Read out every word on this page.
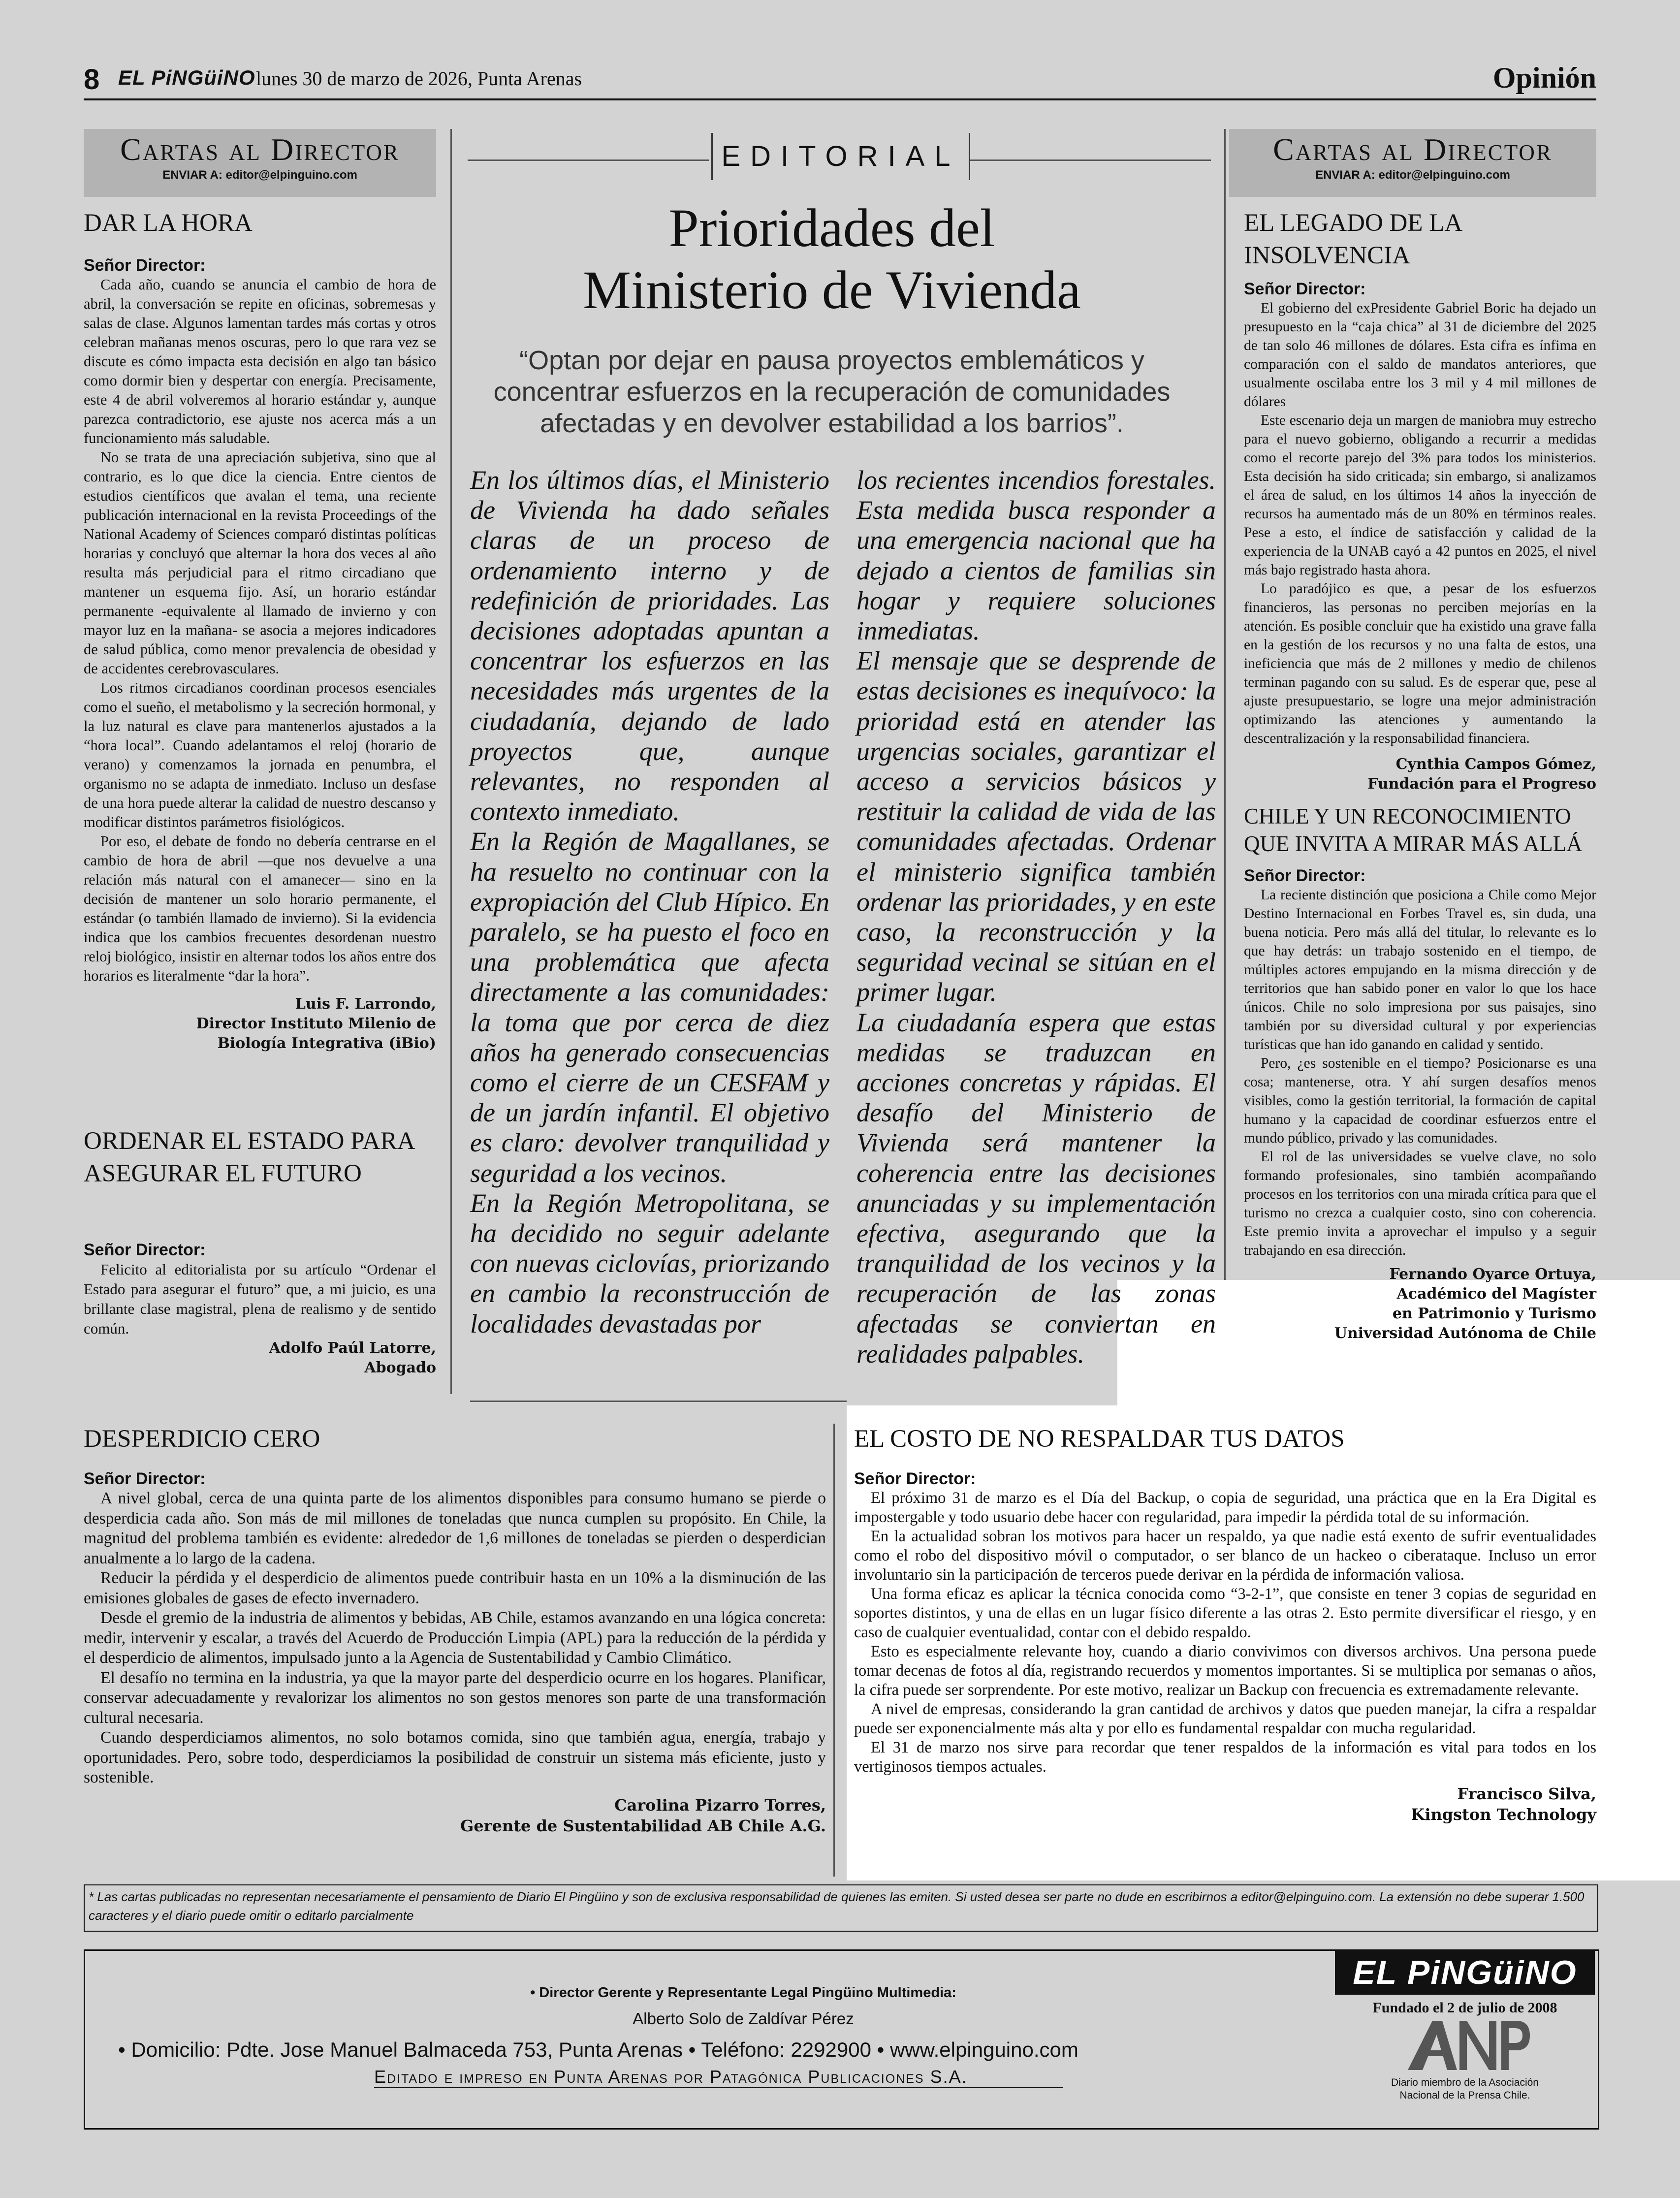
8 EL PiNGüiNO lunes 30 de marzo de 2026, Punta Arenas	Opinión
Cartas al Director
ENVIAR A: editor@elpinguino.com
DAR LA HORA
Señor Director:

Cada año, cuando se anuncia el cambio de hora de abril, la conversación se repite en oficinas, sobremesas y salas de clase. Algunos lamentan tardes más cortas y otros celebran mañanas menos oscuras, pero lo que rara vez se discute es cómo impacta esta decisión en algo tan básico como dormir bien y despertar con energía. Precisamente, este 4 de abril volveremos al horario estándar y, aunque parezca contradictorio, ese ajuste nos acerca más a un funcionamiento más saludable.

No se trata de una apreciación subjetiva, sino que al contrario, es lo que dice la ciencia. Entre cientos de estudios científicos que avalan el tema, una reciente publicación internacional en la revista Proceedings of the National Academy of Sciences comparó distintas políticas horarias y concluyó que alternar la hora dos veces al año resulta más perjudicial para el ritmo circadiano que mantener un esquema fijo. Así, un horario estándar permanente -equivalente al llamado de invierno y con mayor luz en la mañana- se asocia a mejores indicadores de salud pública, como menor prevalencia de obesidad y de accidentes cerebrovasculares.

Los ritmos circadianos coordinan procesos esenciales como el sueño, el metabolismo y la secreción hormonal, y la luz natural es clave para mantenerlos ajustados a la “hora local”. Cuando adelantamos el reloj (horario de verano) y comenzamos la jornada en penumbra, el organismo no se adapta de inmediato. Incluso un desfase de una hora puede alterar la calidad de nuestro descanso y modificar distintos parámetros fisiológicos.

Por eso, el debate de fondo no debería centrarse en el cambio de hora de abril —que nos devuelve a una relación más natural con el amanecer— sino en la decisión de mantener un solo horario permanente, el estándar (o también llamado de invierno). Si la evidencia indica que los cambios frecuentes desordenan nuestro reloj biológico, insistir en alternar todos los años entre dos horarios es literalmente “dar la hora”.

Luis F. Larrondo,
Director Instituto Milenio de
Biología Integrativa (iBio)
ORDENAR EL ESTADO PARA ASEGURAR EL FUTURO
Señor Director:

Felicito al editorialista por su artículo “Ordenar el Estado para asegurar el futuro” que, a mi juicio, es una brillante clase magistral, plena de realismo y de sentido común.

Adolfo Paúl Latorre,
Abogado
EDITORIAL
Prioridades del
Ministerio de Vivienda
“Optan por dejar en pausa proyectos emblemáticos y concentrar esfuerzos en la recuperación de comunidades afectadas y en devolver estabilidad a los barrios”.

En los últimos días, el Ministerio de Vivienda ha dado señales claras de un proceso de ordenamiento interno y de redefinición de prioridades. Las decisiones adoptadas apuntan a concentrar los esfuerzos en las necesidades más urgentes de la ciudadanía, dejando de lado proyectos que, aunque relevantes, no responden al contexto inmediato.

En la Región de Magallanes, se ha resuelto no continuar con la expropiación del Club Hípico. En paralelo, se ha puesto el foco en una problemática que afecta directamente a las comunidades: la toma que por cerca de diez años ha generado consecuencias como el cierre de un CESFAM y de un jardín infantil. El objetivo es claro: devolver tranquilidad y seguridad a los vecinos.

En la Región Metropolitana, se ha decidido no seguir adelante con nuevas ciclovías, priorizando en cambio la reconstrucción de localidades devastadas por

los recientes incendios forestales. Esta medida busca responder a una emergencia nacional que ha dejado a cientos de familias sin hogar y requiere soluciones inmediatas.

El mensaje que se desprende de estas decisiones es inequívoco: la prioridad está en atender las urgencias sociales, garantizar el acceso a servicios básicos y restituir la calidad de vida de las comunidades afectadas. Ordenar el ministerio significa también ordenar las prioridades, y en este caso, la reconstrucción y la seguridad vecinal se sitúan en el primer lugar.

La ciudadanía espera que estas medidas se traduzcan en acciones concretas y rápidas. El desafío del Ministerio de Vivienda será mantener la coherencia entre las decisiones anunciadas y su implementación efectiva, asegurando que la tranquilidad de los vecinos y la recuperación de las zonas afectadas se conviertan en realidades palpables.

Cartas al Director
ENVIAR A: editor@elpinguino.com
EL LEGADO DE LA INSOLVENCIA
Señor Director:

El gobierno del exPresidente Gabriel Boric ha dejado un presupuesto en la “caja chica” al 31 de diciembre del 2025 de tan solo 46 millones de dólares. Esta cifra es ínfima en comparación con el saldo de mandatos anteriores, que usualmente oscilaba entre los 3 mil y 4 mil millones de dólares

Este escenario deja un margen de maniobra muy estrecho para el nuevo gobierno, obligando a recurrir a medidas como el recorte parejo del 3% para todos los ministerios. Esta decisión ha sido criticada; sin embargo, si analizamos el área de salud, en los últimos 14 años la inyección de recursos ha aumentado más de un 80% en términos reales. Pese a esto, el índice de satisfacción y calidad de la experiencia de la UNAB cayó a 42 puntos en 2025, el nivel más bajo registrado hasta ahora.

Lo paradójico es que, a pesar de los esfuerzos financieros, las personas no perciben mejorías en la atención. Es posible concluir que ha existido una grave falla en la gestión de los recursos y no una falta de estos, una ineficiencia que más de 2 millones y medio de chilenos terminan pagando con su salud. Es de esperar que, pese al ajuste presupuestario, se logre una mejor administración optimizando las atenciones y aumentando la descentralización y la responsabilidad financiera.

Cynthia Campos Gómez,
Fundación para el Progreso
CHILE Y UN RECONOCIMIENTO QUE INVITA A MIRAR MÁS ALLÁ
Señor Director:

La reciente distinción que posiciona a Chile como Mejor Destino Internacional en Forbes Travel es, sin duda, una buena noticia. Pero más allá del titular, lo relevante es lo que hay detrás: un trabajo sostenido en el tiempo, de múltiples actores empujando en la misma dirección y de territorios que han sabido poner en valor lo que los hace únicos. Chile no solo impresiona por sus paisajes, sino también por su diversidad cultural y por experiencias turísticas que han ido ganando en calidad y sentido.

Pero, ¿es sostenible en el tiempo? Posicionarse es una cosa; mantenerse, otra. Y ahí surgen desafíos menos visibles, como la gestión territorial, la formación de capital humano y la capacidad de coordinar esfuerzos entre el mundo público, privado y las comunidades.

El rol de las universidades se vuelve clave, no solo formando profesionales, sino también acompañando procesos en los territorios con una mirada crítica para que el turismo no crezca a cualquier costo, sino con coherencia. Este premio invita a aprovechar el impulso y a seguir trabajando en esa dirección.

Fernando Oyarce Ortuya,
Académico del Magíster
en Patrimonio y Turismo
Universidad Autónoma de Chile
DESPERDICIO CERO
Señor Director:

A nivel global, cerca de una quinta parte de los alimentos disponibles para consumo humano se pierde o desperdicia cada año. Son más de mil millones de toneladas que nunca cumplen su propósito. En Chile, la magnitud del problema también es evidente: alrededor de 1,6 millones de toneladas se pierden o desperdician anualmente a lo largo de la cadena.

Reducir la pérdida y el desperdicio de alimentos puede contribuir hasta en un 10% a la disminución de las emisiones globales de gases de efecto invernadero.

Desde el gremio de la industria de alimentos y bebidas, AB Chile, estamos avanzando en una lógica concreta: medir, intervenir y escalar, a través del Acuerdo de Producción Limpia (APL) para la reducción de la pérdida y el desperdicio de alimentos, impulsado junto a la Agencia de Sustentabilidad y Cambio Climático.

El desafío no termina en la industria, ya que la mayor parte del desperdicio ocurre en los hogares. Planificar, conservar adecuadamente y revalorizar los alimentos no son gestos menores son parte de una transformación cultural necesaria.

Cuando desperdiciamos alimentos, no solo botamos comida, sino que también agua, energía, trabajo y oportunidades. Pero, sobre todo, desperdiciamos la posibilidad de construir un sistema más eficiente, justo y sostenible.

Carolina Pizarro Torres,
Gerente de Sustentabilidad AB Chile A.G.
EL COSTO DE NO RESPALDAR TUS DATOS
Señor Director:

El próximo 31 de marzo es el Día del Backup, o copia de seguridad, una práctica que en la Era Digital es impostergable y todo usuario debe hacer con regularidad, para impedir la pérdida total de su información.

En la actualidad sobran los motivos para hacer un respaldo, ya que nadie está exento de sufrir eventualidades como el robo del dispositivo móvil o computador, o ser blanco de un hackeo o ciberataque. Incluso un error involuntario sin la participación de terceros puede derivar en la pérdida de información valiosa.

Una forma eficaz es aplicar la técnica conocida como “3-2-1”, que consiste en tener 3 copias de seguridad en soportes distintos, y una de ellas en un lugar físico diferente a las otras 2. Esto permite diversificar el riesgo, y en caso de cualquier eventualidad, contar con el debido respaldo.

Esto es especialmente relevante hoy, cuando a diario convivimos con diversos archivos. Una persona puede tomar decenas de fotos al día, registrando recuerdos y momentos importantes. Si se multiplica por semanas o años, la cifra puede ser sorprendente. Por este motivo, realizar un Backup con frecuencia es extremadamente relevante.

A nivel de empresas, considerando la gran cantidad de archivos y datos que pueden manejar, la cifra a respaldar puede ser exponencialmente más alta y por ello es fundamental respaldar con mucha regularidad.

El 31 de marzo nos sirve para recordar que tener respaldos de la información es vital para todos en los vertiginosos tiempos actuales.

Francisco Silva,
Kingston Technology
* Las cartas publicadas no representan necesariamente el pensamiento de Diario El Pingüino y son de exclusiva responsabilidad de quienes las emiten. Si usted desea ser parte no dude en escribirnos a editor@elpinguino.com. La extensión no debe superar 1.500 caracteres y el diario puede omitir o editarlo parcialmente
• Director Gerente y Representante Legal Pingüino Multimedia:
Alberto Solo de Zaldívar Pérez
• Domicilio: Pdte. Jose Manuel Balmaceda 753, Punta Arenas • Teléfono: 2292900 • www.elpinguino.com
Editado e impreso en Punta Arenas por Patagónica Publicaciones S.A.
EL PiNGüiNO
Fundado el 2 de julio de 2008
Diario miembro de la Asociación
Nacional de la Prensa Chile.
